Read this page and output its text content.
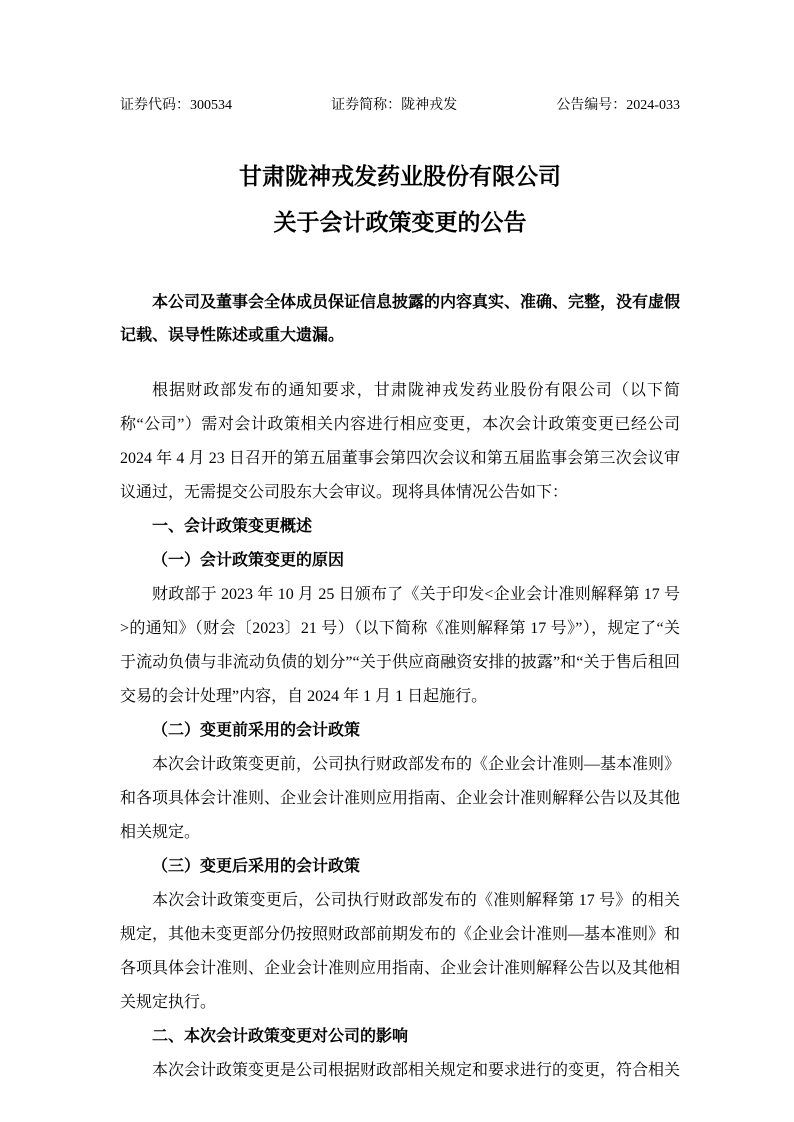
证券代码：300534	证券简称：陇神戎发	公告编号：2024-033
甘肃陇神戎发药业股份有限公司
关于会计政策变更的公告

本公司及董事会全体成员保证信息披露的内容真实、准确、完整，没有虚假记载、误导性陈述或重大遗漏。

根据财政部发布的通知要求，甘肃陇神戎发药业股份有限公司（以下简称“公司”）需对会计政策相关内容进行相应变更，本次会计政策变更已经公司 2024 年 4 月 23 日召开的第五届董事会第四次会议和第五届监事会第三次会议审议通过，无需提交公司股东大会审议。现将具体情况公告如下：

一、会计政策变更概述

（一）会计政策变更的原因

财政部于 2023 年 10 月 25 日颁布了《关于印发<企业会计准则解释第 17 号>的通知》（财会〔2023〕21 号）（以下简称《准则解释第 17 号》”），规定了“关于流动负债与非流动负债的划分”“关于供应商融资安排的披露”和“关于售后租回交易的会计处理”内容，自 2024 年 1 月 1 日起施行。

（二）变更前采用的会计政策

本次会计政策变更前，公司执行财政部发布的《企业会计准则—基本准则》和各项具体会计准则、企业会计准则应用指南、企业会计准则解释公告以及其他相关规定。

（三）变更后采用的会计政策

本次会计政策变更后，公司执行财政部发布的《准则解释第 17 号》的相关规定，其他未变更部分仍按照财政部前期发布的《企业会计准则—基本准则》和各项具体会计准则、企业会计准则应用指南、企业会计准则解释公告以及其他相关规定执行。

二、本次会计政策变更对公司的影响

本次会计政策变更是公司根据财政部相关规定和要求进行的变更，符合相关
